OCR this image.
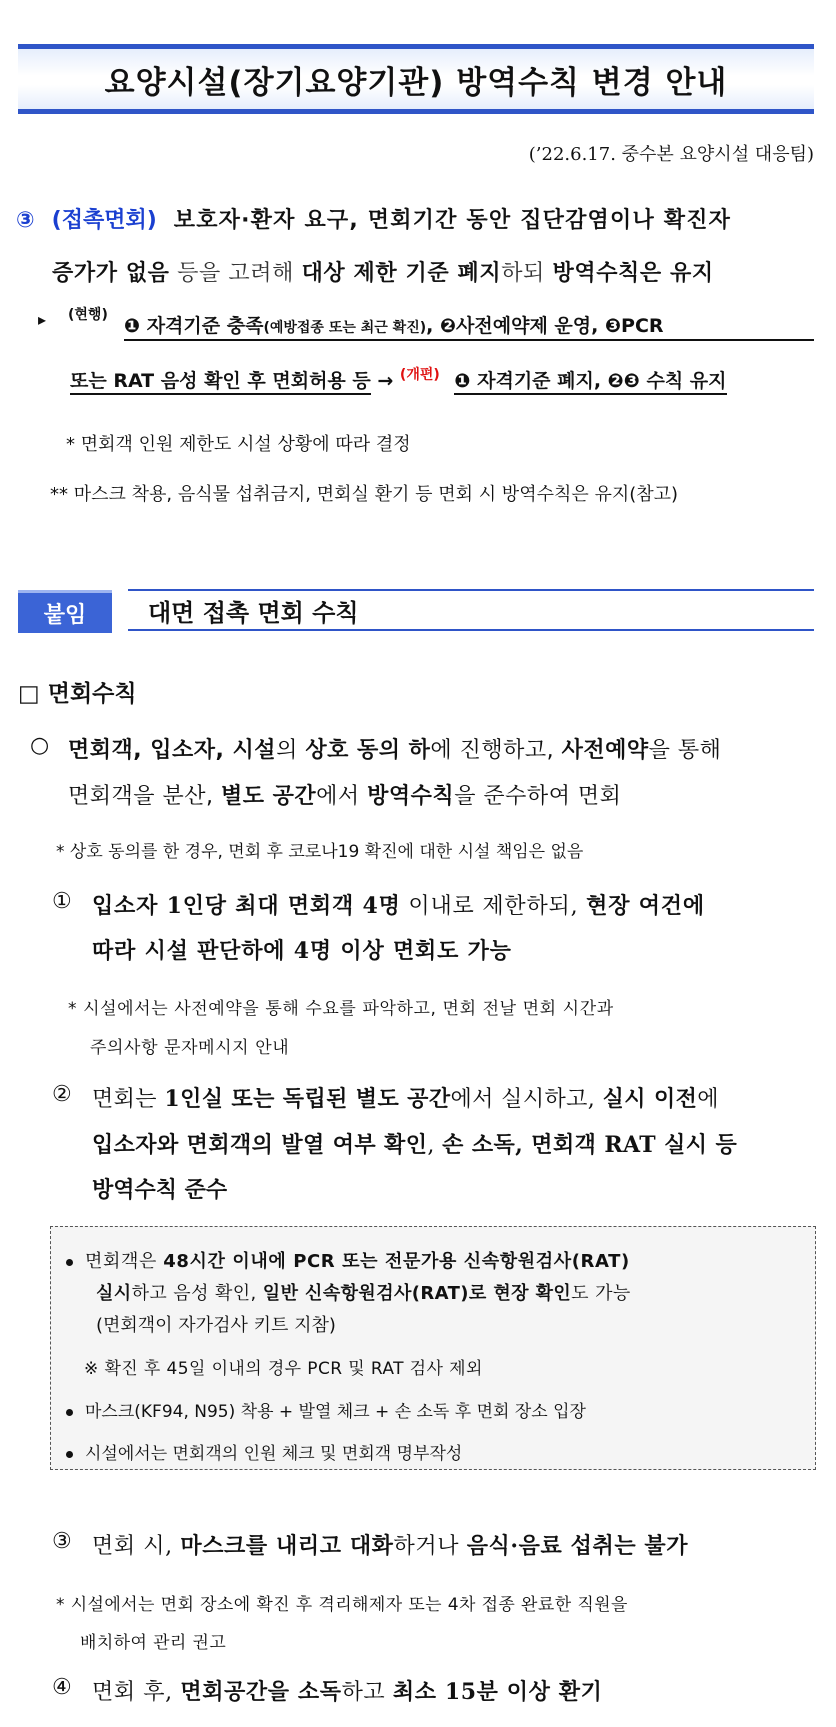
요양시설(장기요양기관) 방역수칙 변경 안내
(’22.6.17. 중수본 요양시설 대응팀)
③ (접촉면회) 보호자·환자 요구, 면회기간 동안 집단감염이나 확진자
증가가 없음 등을 고려해 대상 제한 기준 폐지하되 방역수칙은 유지
▸ (현행) ❶ 자격기준 충족(예방접종 또는 최근 확진), ❷사전예약제 운영, ❸PCR
또는 RAT 음성 확인 후 면회허용 등 → $^{(개편)}$ ❶ 자격기준 폐지, ❷❸ 수칙 유지
* 면회객 인원 제한도 시설 상황에 따라 결정
** 마스크 착용, 음식물 섭취금지, 면회실 환기 등 면회 시 방역수칙은 유지(참고)
붙임	대면 접촉 면회 수칙
□ 면회수칙
○ 면회객, 입소자, 시설의 상호 동의 하에 진행하고, 사전예약을 통해
면회객을 분산, 별도 공간에서 방역수칙을 준수하여 면회
* 상호 동의를 한 경우, 면회 후 코로나19 확진에 대한 시설 책임은 없음
① 입소자 1인당 최대 면회객 4명 이내로 제한하되, 현장 여건에
따라 시설 판단하에 4명 이상 면회도 가능
* 시설에서는 사전예약을 통해 수요를 파악하고, 면회 전날 면회 시간과
주의사항 문자메시지 안내
② 면회는 1인실 또는 독립된 별도 공간에서 실시하고, 실시 이전에
입소자와 면회객의 발열 여부 확인, 손 소독, 면회객 RAT 실시 등
방역수칙 준수
면회객은 48시간 이내에 PCR 또는 전문가용 신속항원검사(RAT)
실시하고 음성 확인, 일반 신속항원검사(RAT)로 현장 확인도 가능
(면회객이 자가검사 키트 지참)
※ 확진 후 45일 이내의 경우 PCR 및 RAT 검사 제외
마스크(KF94, N95) 착용 + 발열 체크 + 손 소독 후 면회 장소 입장
시설에서는 면회객의 인원 체크 및 면회객 명부작성
③ 면회 시, 마스크를 내리고 대화하거나 음식·음료 섭취는 불가
* 시설에서는 면회 장소에 확진 후 격리해제자 또는 4차 접종 완료한 직원을
배치하여 관리 권고
④ 면회 후, 면회공간을 소독하고 최소 15분 이상 환기
